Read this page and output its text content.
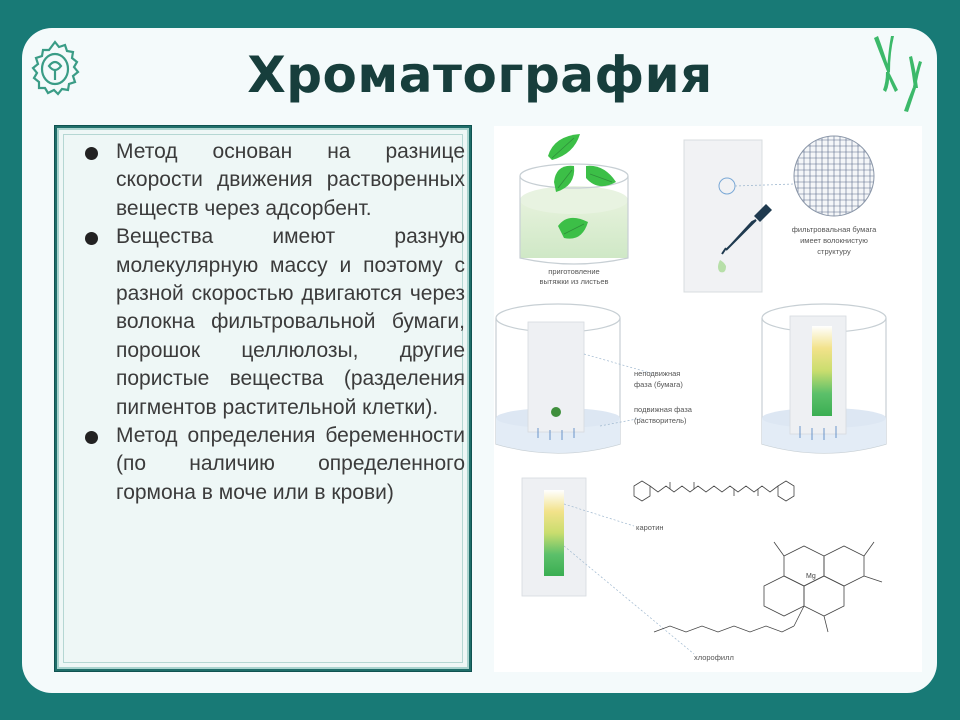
Хроматография
Метод основан на разнице скорости движения растворенных веществ через адсорбент.
Вещества имеют разную молекулярную массу и поэтому с разной скоростью двигаются через волокна фильтровальной бумаги, порошок целлюлозы, другие пористые вещества (разделения пигментов растительной клетки).
Метод определения беременности (по наличию определенного гормона в моче или в крови)
приготовление
вытяжки из листьев
фильтровальная бумага
имеет волокнистую
структуру
неподвижная
фаза (бумага)
подвижная фаза
(растворитель)
каротин
Mg
хлорофилл
